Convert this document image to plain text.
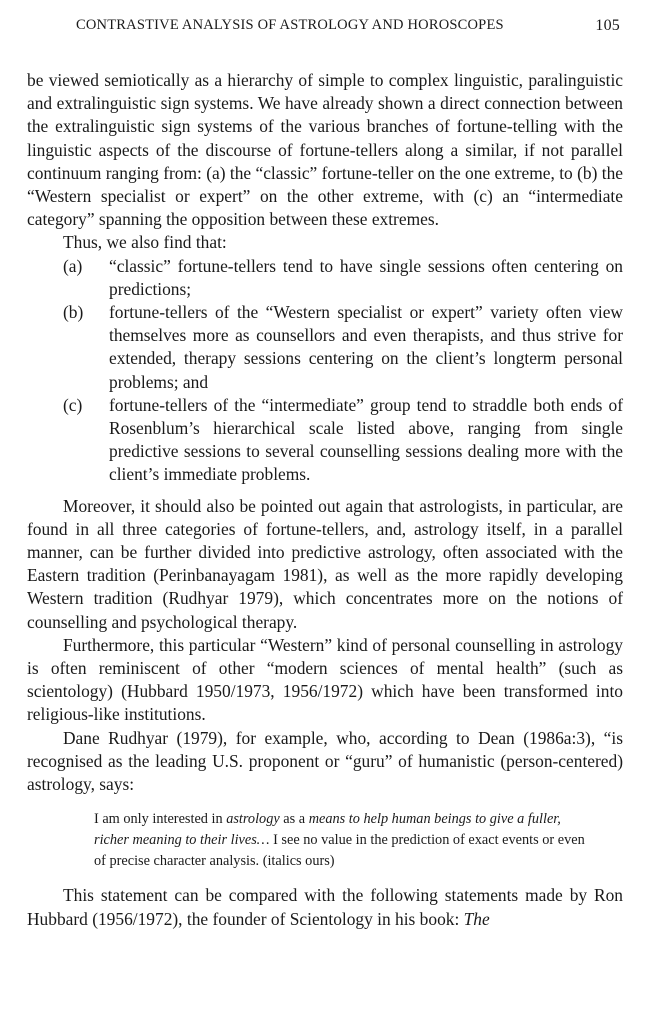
CONTRASTIVE ANALYSIS OF ASTROLOGY AND HOROSCOPES	105

be viewed semiotically as a hierarchy of simple to complex linguistic, paralinguistic and extralinguistic sign systems. We have already shown a direct connection between the extralinguistic sign systems of the various branches of fortune-telling with the linguistic aspects of the discourse of fortune-tellers along a similar, if not parallel continuum ranging from: (a) the “classic” fortune-teller on the one extreme, to (b) the “Western specialist or expert” on the other extreme, with (c) an “intermediate category” spanning the opposition between these extremes.

Thus, we also find that:

(a) “classic” fortune-tellers tend to have single sessions often centering on predictions;
(b) fortune-tellers of the “Western specialist or expert” variety often view themselves more as counsellors and even therapists, and thus strive for extended, therapy sessions centering on the client’s longterm personal problems; and
(c) fortune-tellers of the “intermediate” group tend to straddle both ends of Rosenblum’s hierarchical scale listed above, ranging from single predictive sessions to several counselling sessions dealing more with the client’s immediate problems.

Moreover, it should also be pointed out again that astrologists, in particular, are found in all three categories of fortune-tellers, and, astrology itself, in a parallel manner, can be further divided into predictive astrology, often associated with the Eastern tradition (Perinbanayagam 1981), as well as the more rapidly developing Western tradition (Rudhyar 1979), which concentrates more on the notions of counselling and psychological therapy.

Furthermore, this particular “Western” kind of personal counselling in astrology is often reminiscent of other “modern sciences of mental health” (such as scientology) (Hubbard 1950/1973, 1956/1972) which have been transformed into religious-like institutions.

Dane Rudhyar (1979), for example, who, according to Dean (1986a:3), “is recognised as the leading U.S. proponent or “guru” of humanistic (person-centered) astrology, says:

I am only interested in astrology as a means to help human beings to give a fuller, richer meaning to their lives… I see no value in the prediction of exact events or even of precise character analysis. (italics ours)

This statement can be compared with the following statements made by Ron Hubbard (1956/1972), the founder of Scientology in his book: The
